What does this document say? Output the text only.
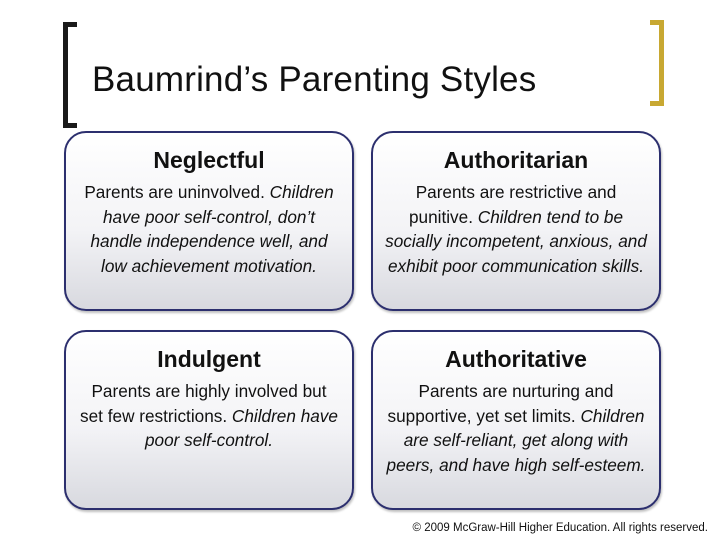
Baumrind’s Parenting Styles
Neglectful

Parents are uninvolved. Children have poor self-control, don’t handle independence well, and low achievement motivation.

Authoritarian

Parents are restrictive and punitive. Children tend to be socially incompetent, anxious, and exhibit poor communication skills.

Indulgent

Parents are highly involved but set few restrictions. Children have poor self-control.

Authoritative

Parents are nurturing and supportive, yet set limits. Children are self-reliant, get along with peers, and have high self-esteem.

© 2009 McGraw-Hill Higher Education. All rights reserved.
